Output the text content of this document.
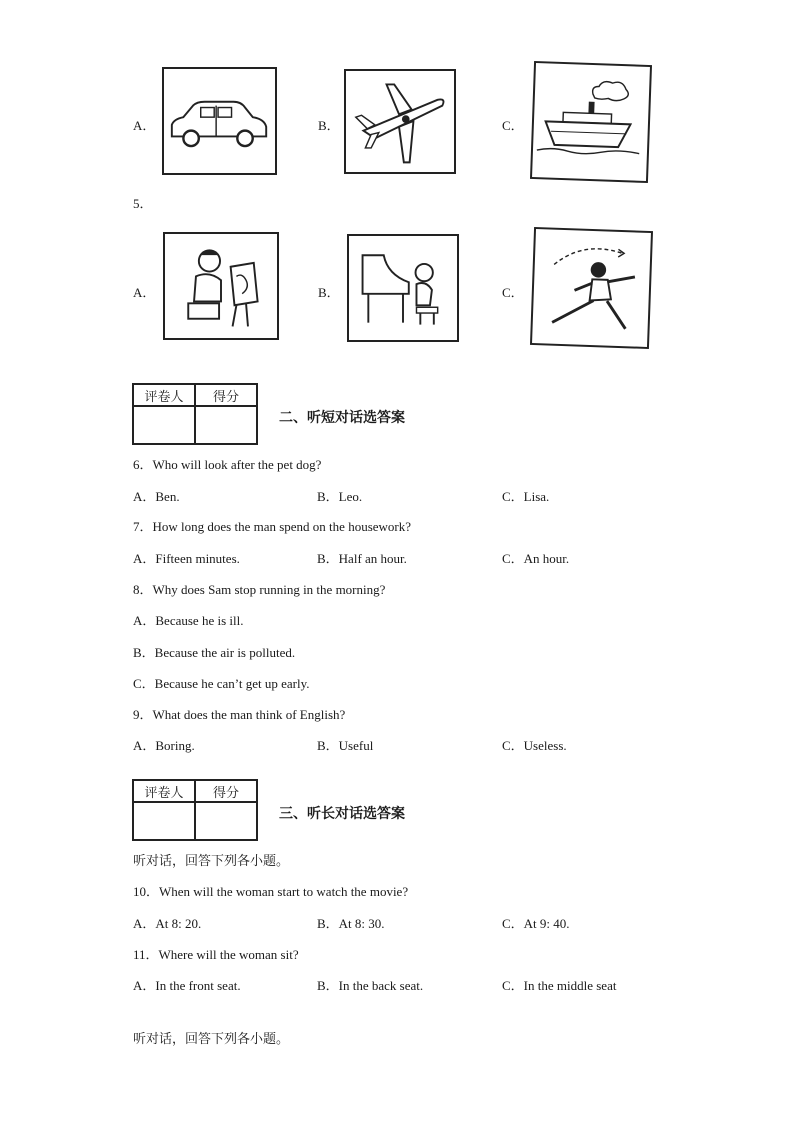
A．	B．	C．
5．
A．	B．	C．
评卷人	得分

二、听短对话选答案
6．Who will look after the pet dog?
A．Ben.	B．Leo.	C．Lisa.
7．How long does the man spend on the housework?
A．Fifteen minutes.	B．Half an hour.	C．An hour.
8．Why does Sam stop running in the morning?
A．Because he is ill.
B．Because the air is polluted.
C．Because he can’t get up early.
9．What does the man think of English?
A．Boring.	B．Useful	C．Useless.
评卷人	得分

三、听长对话选答案
听对话，回答下列各小题。
10．When will the woman start to watch the movie?
A．At 8: 20.	B．At 8: 30.	C．At 9: 40.
11．Where will the woman sit?
A．In the front seat.	B．In the back seat.	C．In the middle seat
听对话，回答下列各小题。
